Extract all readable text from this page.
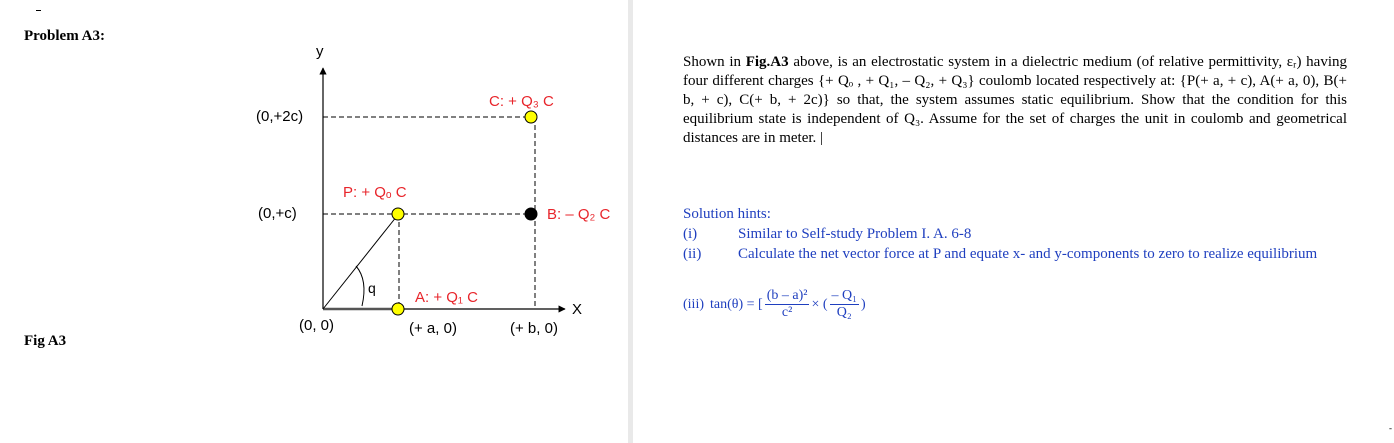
Problem A3:
Fig A3
y
X
(0,+2c)
(0,+c)
(0, 0)	(+ a, 0)	(+ b, 0)
q
C: + Q₃ C
P: + Qₒ C
B: – Q₂ C
A: + Q₁ C
Shown in Fig.A3 above, is an electrostatic system in a dielectric medium (of relative permittivity, εᵣ) having four different charges {+ Qₒ , + Q₁, – Q₂, + Q₃} coulomb located respectively at: {P(+ a, + c), A(+ a, 0), B(+ b, + c), C(+ b, + 2c)} so that, the system assumes static equilibrium. Show that the condition for this equilibrium state is independent of Q₃. Assume for the set of charges the unit in coulomb and geometrical distances are in meter. |
Solution hints:
(i)	Similar to Self-study Problem I. A. 6-8
(ii)	Calculate the net vector force at P and equate x- and y-components to zero to realize equilibrium
(iii) tan(θ) = [ $\frac{\text{(b – a)²}}{\text{c²}}$ × ( $\frac{\text{– Q₁}}{\text{Q₂}}$ )
-
